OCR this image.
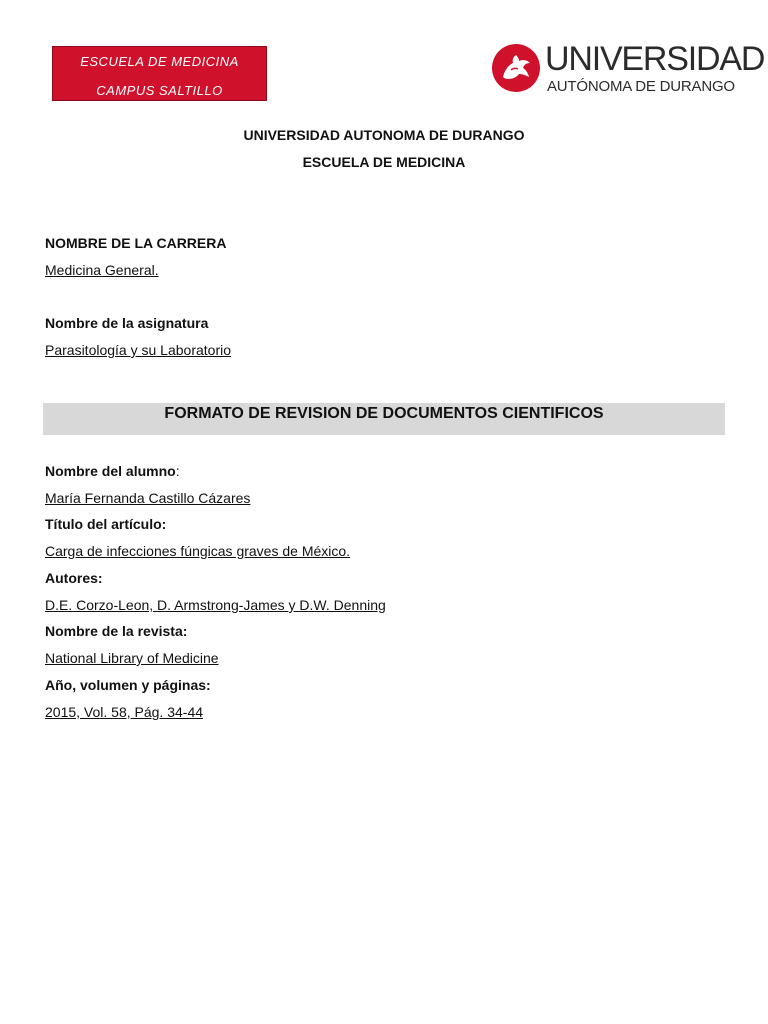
ESCUELA DE MEDICINA
CAMPUS SALTILLO
UNIVERSIDAD
AUTÓNOMA DE DURANGO
UNIVERSIDAD AUTONOMA DE DURANGO
ESCUELA DE MEDICINA
NOMBRE DE LA CARRERA
Medicina General.
Nombre de la asignatura
Parasitología y su Laboratorio
FORMATO DE REVISION DE DOCUMENTOS CIENTIFICOS
Nombre del alumno:
María Fernanda Castillo Cázares
Título del artículo:
Carga de infecciones fúngicas graves de México.
Autores:
D.E. Corzo-Leon, D. Armstrong-James y D.W. Denning
Nombre de la revista:
National Library of Medicine
Año, volumen y páginas:
2015, Vol. 58, Pág. 34-44
